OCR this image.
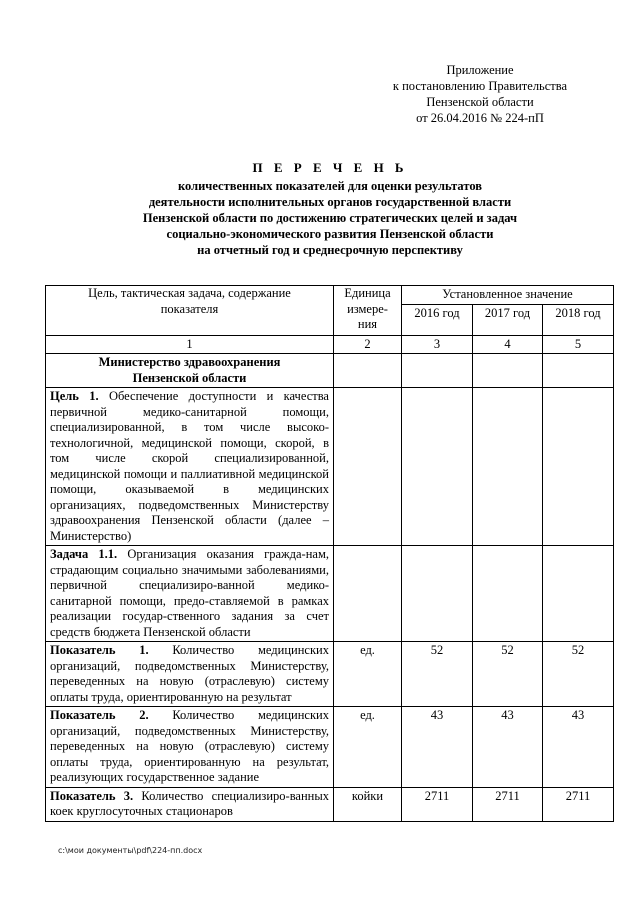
Приложение
к постановлению Правительства
Пензенской области
от 26.04.2016 № 224-пП
П Е Р Е Ч Е Н Ь
количественных показателей для оценки результатов
деятельности исполнительных органов государственной власти
Пензенской области по достижению стратегических целей и задач
социально-экономического развития Пензенской области
на отчетный год и среднесрочную перспективу
Цель, тактическая задача, содержание показателя	Единица измере-ния	Установленное значение		
		2016 год	2017 год	2018 год
1	2	3	4	5
Министерство здравоохранения Пензенской области				
Цель 1. Обеспечение доступности и качества первичной медико-санитарной помощи, специализированной, в том числе высоко-технологичной, медицинской помощи, скорой, в том числе скорой специализированной, медицинской помощи и паллиативной медицинской помощи, оказываемой в медицинских организациях, подведомственных Министерству здравоохранения Пензенской области (далее – Министерство)				
Задача 1.1. Организация оказания гражда-нам, страдающим социально значимыми заболеваниями, первичной специализиро-ванной медико-санитарной помощи, предо-ставляемой в рамках реализации государ-ственного задания за счет средств бюджета Пензенской области				
Показатель 1. Количество медицинских организаций, подведомственных Министерству, переведенных на новую (отраслевую) систему оплаты труда, ориентированную на результат	ед.	52	52	52
Показатель 2. Количество медицинских организаций, подведомственных Министерству, переведенных на новую (отраслевую) систему оплаты труда, ориентированную на результат, реализующих государственное задание	ед.	43	43	43
Показатель 3. Количество специализиро-ванных коек круглосуточных стационаров	койки	2711	2711	2711
c:\мои документы\pdf\224-пп.docx
